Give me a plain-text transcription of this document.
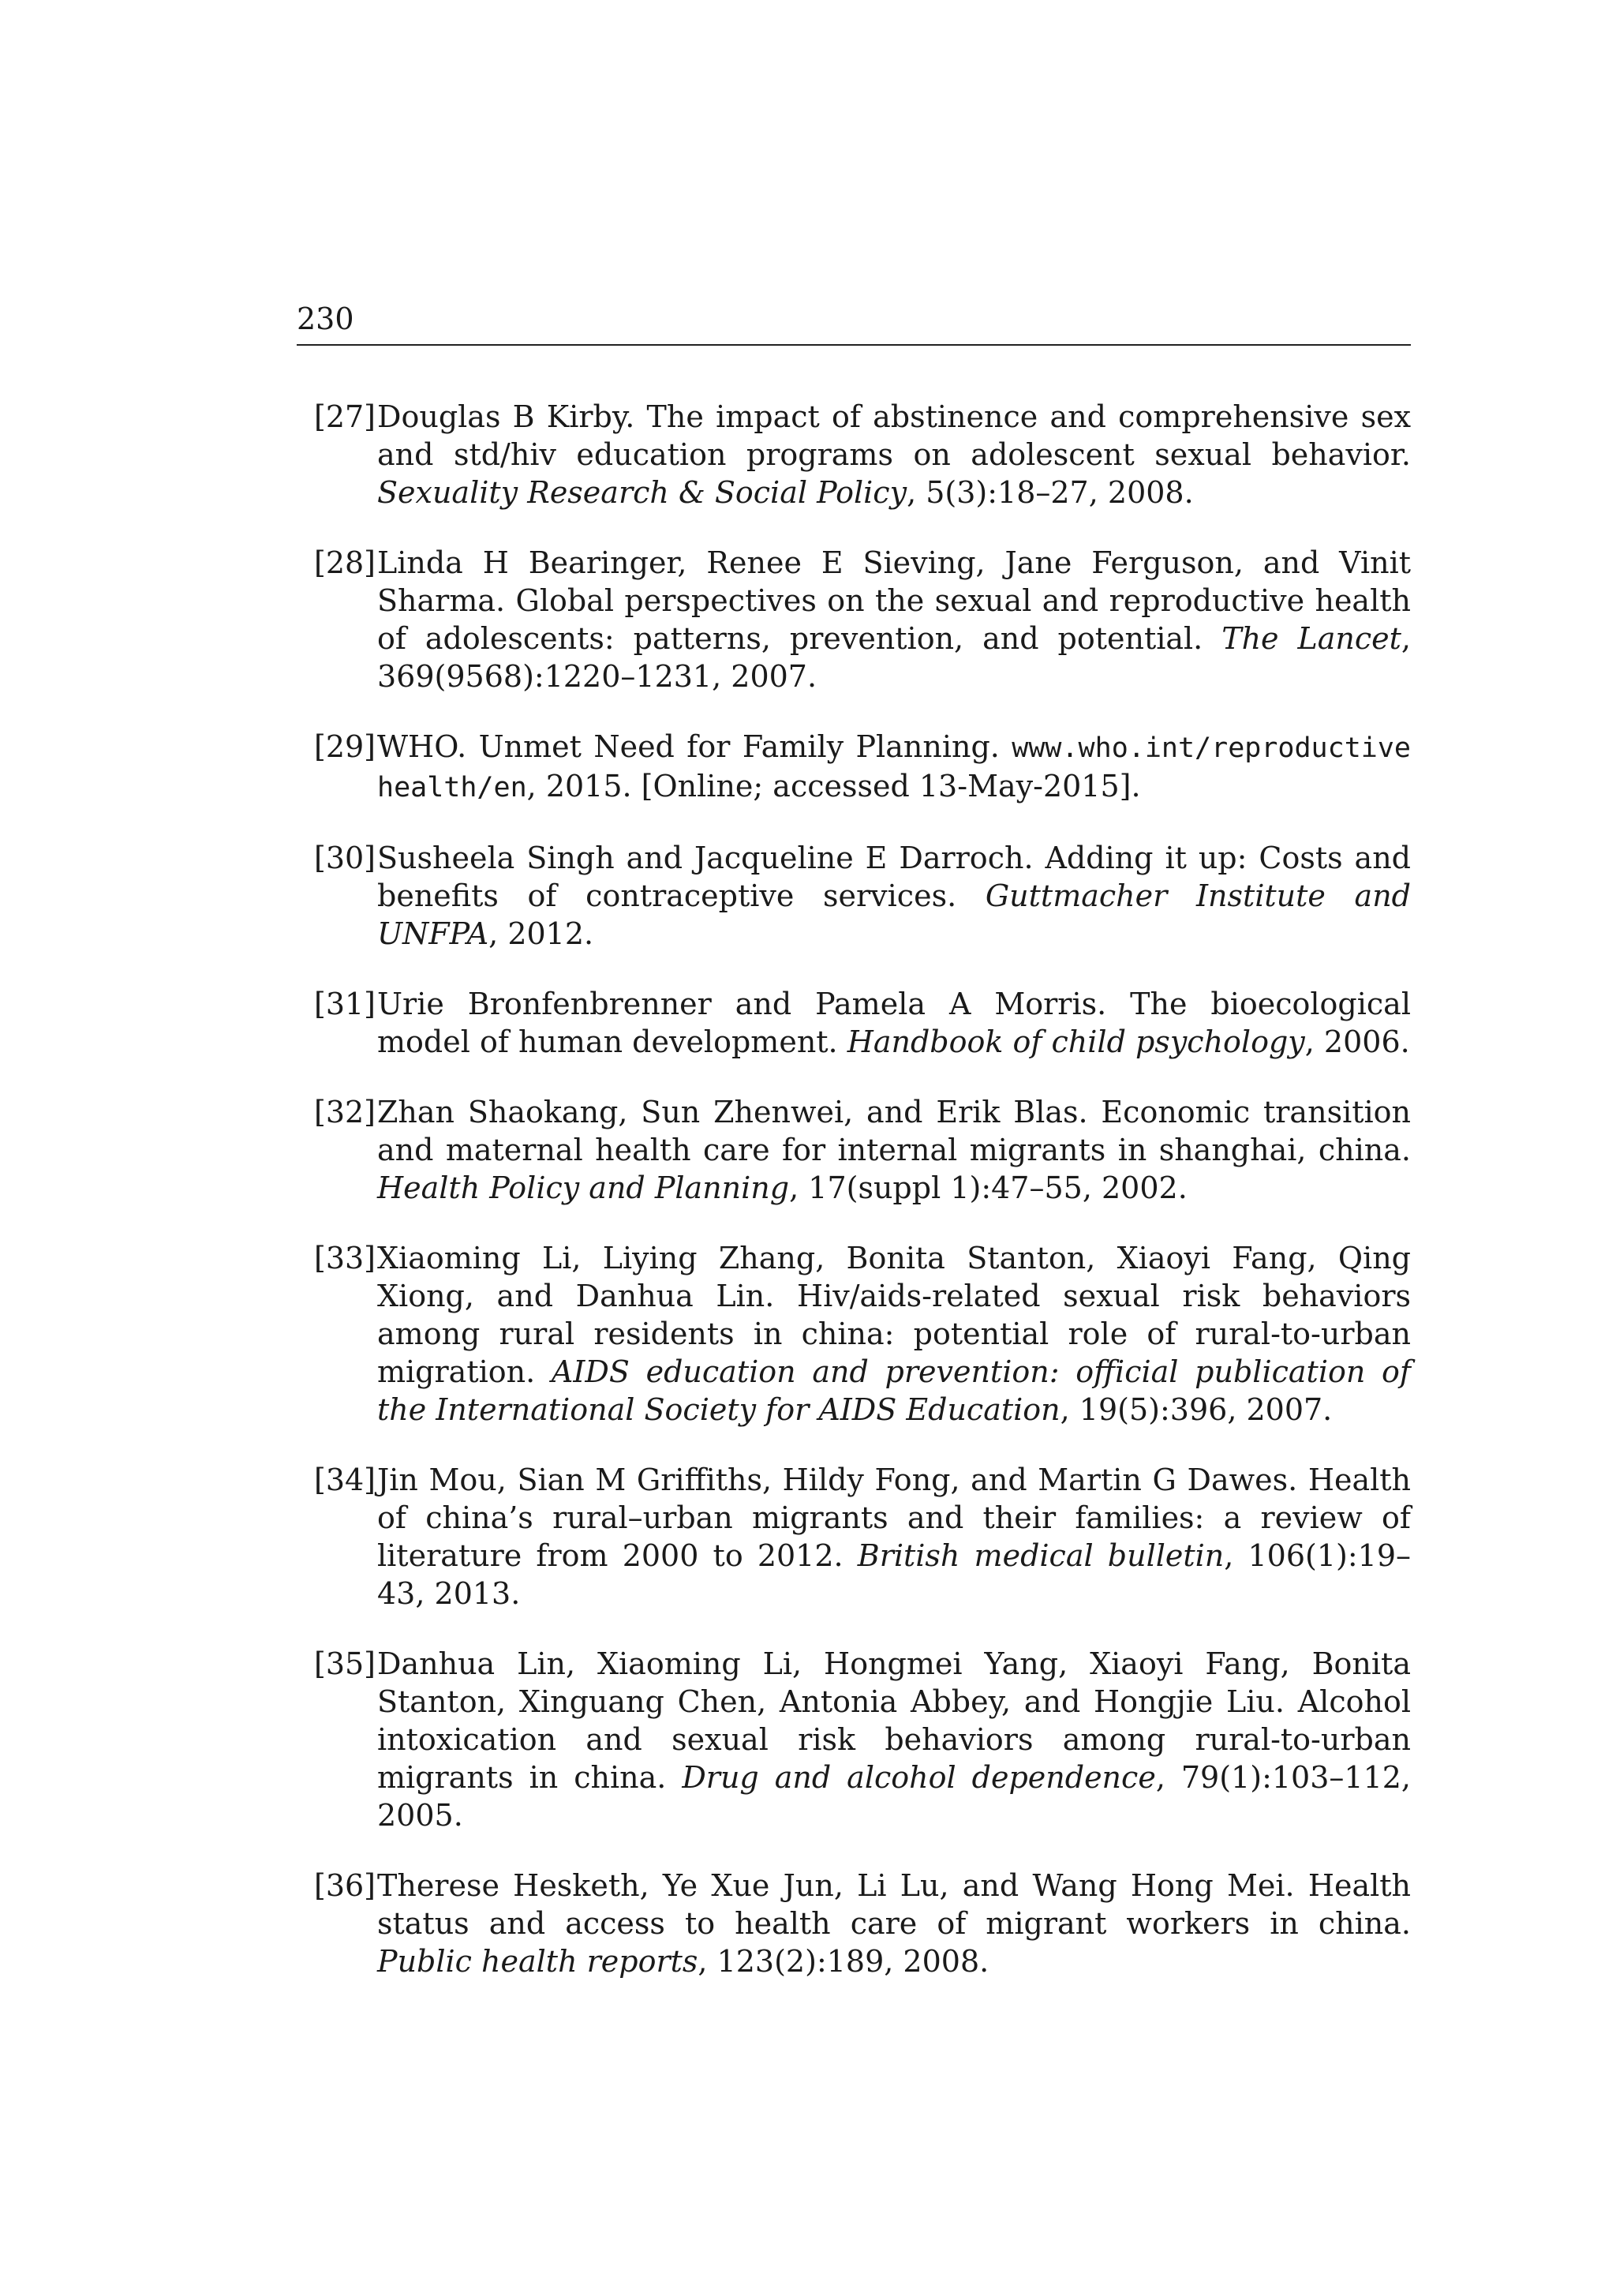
230
[27] Douglas B Kirby. The impact of abstinence and comprehensive sex and std/hiv education programs on adolescent sexual behavior. Sexuality Research & Social Policy, 5(3):18–27, 2008.
[28] Linda H Bearinger, Renee E Sieving, Jane Ferguson, and Vinit Sharma. Global perspectives on the sexual and reproductive health of adolescents: patterns, prevention, and potential. The Lancet, 369(9568):1220–1231, 2007.
[29] WHO. Unmet Need for Family Planning. www.who.int/reproductivehealth/en, 2015. [Online; accessed 13-May-2015].
[30] Susheela Singh and Jacqueline E Darroch. Adding it up: Costs and benefits of contraceptive services. Guttmacher Institute and UNFPA, 2012.
[31] Urie Bronfenbrenner and Pamela A Morris. The bioecological model of human development. Handbook of child psychology, 2006.
[32] Zhan Shaokang, Sun Zhenwei, and Erik Blas. Economic transition and maternal health care for internal migrants in shanghai, china. Health Policy and Planning, 17(suppl 1):47–55, 2002.
[33] Xiaoming Li, Liying Zhang, Bonita Stanton, Xiaoyi Fang, Qing Xiong, and Danhua Lin. Hiv/aids-related sexual risk behaviors among rural residents in china: potential role of rural-to-urban migration. AIDS education and prevention: official publication of the International Society for AIDS Education, 19(5):396, 2007.
[34] Jin Mou, Sian M Griffiths, Hildy Fong, and Martin G Dawes. Health of china’s rural–urban migrants and their families: a review of literature from 2000 to 2012. British medical bulletin, 106(1):19–43, 2013.
[35] Danhua Lin, Xiaoming Li, Hongmei Yang, Xiaoyi Fang, Bonita Stanton, Xinguang Chen, Antonia Abbey, and Hongjie Liu. Alcohol intoxication and sexual risk behaviors among rural-to-urban migrants in china. Drug and alcohol dependence, 79(1):103–112, 2005.
[36] Therese Hesketh, Ye Xue Jun, Li Lu, and Wang Hong Mei. Health status and access to health care of migrant workers in china. Public health reports, 123(2):189, 2008.
